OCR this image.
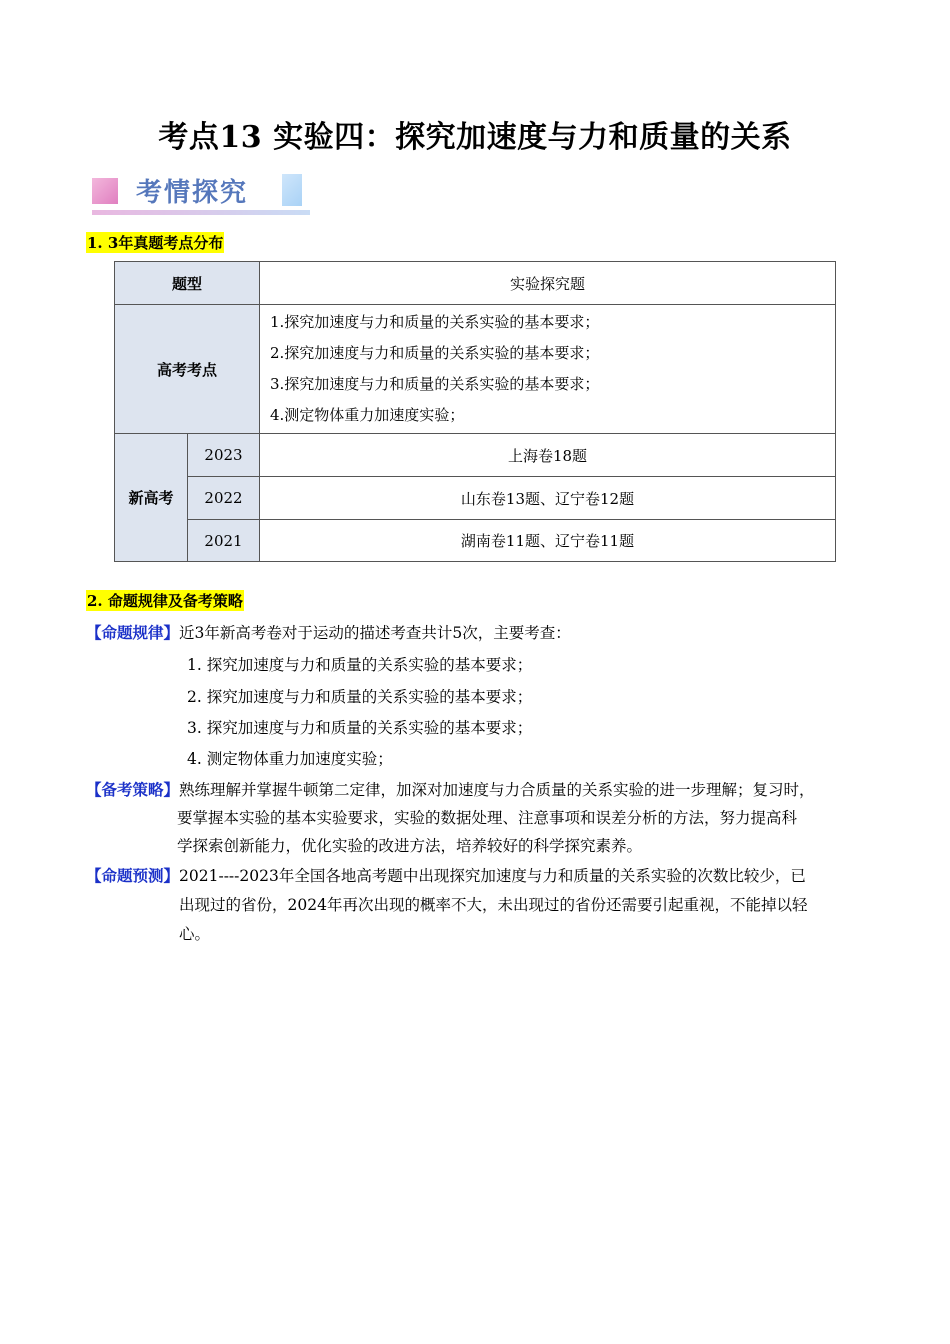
考点13 实验四：探究加速度与力和质量的关系
考情探究
1. 3年真题考点分布
题型		实验探究题
高考考点		1.探究加速度与力和质量的关系实验的基本要求；
2.探究加速度与力和质量的关系实验的基本要求；
3.探究加速度与力和质量的关系实验的基本要求；
4.测定物体重力加速度实验；

新高考	2023	上海卷18题
	2022	山东卷13题、辽宁卷12题
	2021	湖南卷11题、辽宁卷11题
2. 命题规律及备考策略
【命题规律】近3年新高考卷对于运动的描述考查共计5次，主要考查：
1. 探究加速度与力和质量的关系实验的基本要求；
2. 探究加速度与力和质量的关系实验的基本要求；
3. 探究加速度与力和质量的关系实验的基本要求；
4. 测定物体重力加速度实验；
【备考策略】熟练理解并掌握牛顿第二定律，加深对加速度与力合质量的关系实验的进一步理解；复习时，
要掌握本实验的基本实验要求，实验的数据处理、注意事项和误差分析的方法，努力提高科
学探索创新能力，优化实验的改进方法，培养较好的科学探究素养。
【命题预测】2021----2023年全国各地高考题中出现探究加速度与力和质量的关系实验的次数比较少，已
出现过的省份，2024年再次出现的概率不大，未出现过的省份还需要引起重视，不能掉以轻
心。
